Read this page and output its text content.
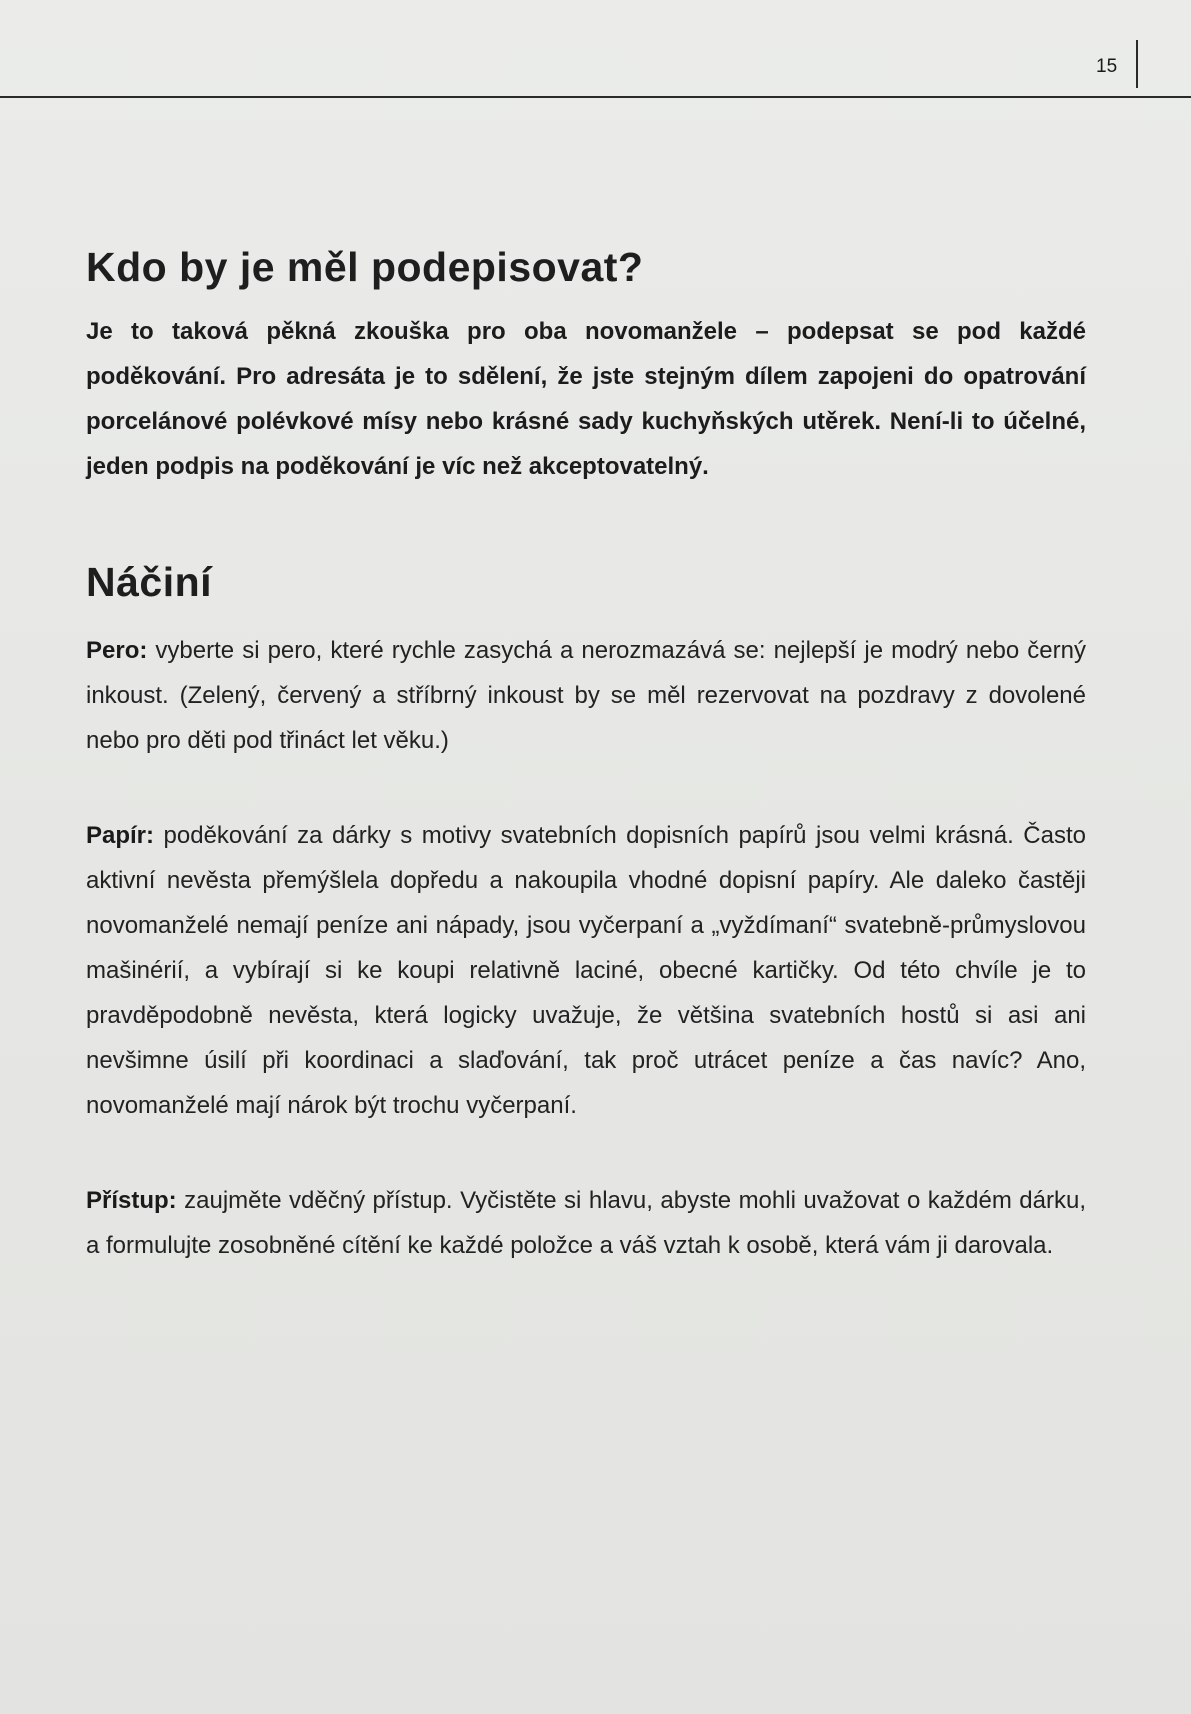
15
Kdo by je měl podepisovat?

Je to taková pěkná zkouška pro oba novomanžele – podepsat se pod každé poděkování. Pro adresáta je to sdělení, že jste stejným dílem zapojeni do opatrování porcelánové polévkové mísy nebo krásné sady kuchyňských utěrek. Není-li to účelné, jeden podpis na poděkování je víc než akceptovatelný.

Náčiní

Pero: vyberte si pero, které rychle zasychá a nerozmazává se: nejlepší je modrý nebo černý inkoust. (Zelený, červený a stříbrný inkoust by se měl rezervovat na pozdravy z dovolené nebo pro děti pod třináct let věku.)

Papír: poděkování za dárky s motivy svatebních dopisních papírů jsou velmi krásná. Často aktivní nevěsta přemýšlela dopředu a nakoupila vhodné dopisní papíry. Ale daleko častěji novomanželé nemají peníze ani nápady, jsou vyčerpaní a „vyždímaní“ svatebně-průmyslovou mašinérií, a vybírají si ke koupi relativně laciné, obecné kartičky. Od této chvíle je to pravděpodobně nevěsta, která logicky uvažuje, že většina svatebních hostů si asi ani nevšimne úsilí při koordinaci a slaďování, tak proč utrácet peníze a čas navíc? Ano, novomanželé mají nárok být trochu vyčerpaní.

Přístup: zaujměte vděčný přístup. Vyčistěte si hlavu, abyste mohli uvažovat o každém dárku, a formulujte zosobněné cítění ke každé položce a váš vztah k osobě, která vám ji darovala.
